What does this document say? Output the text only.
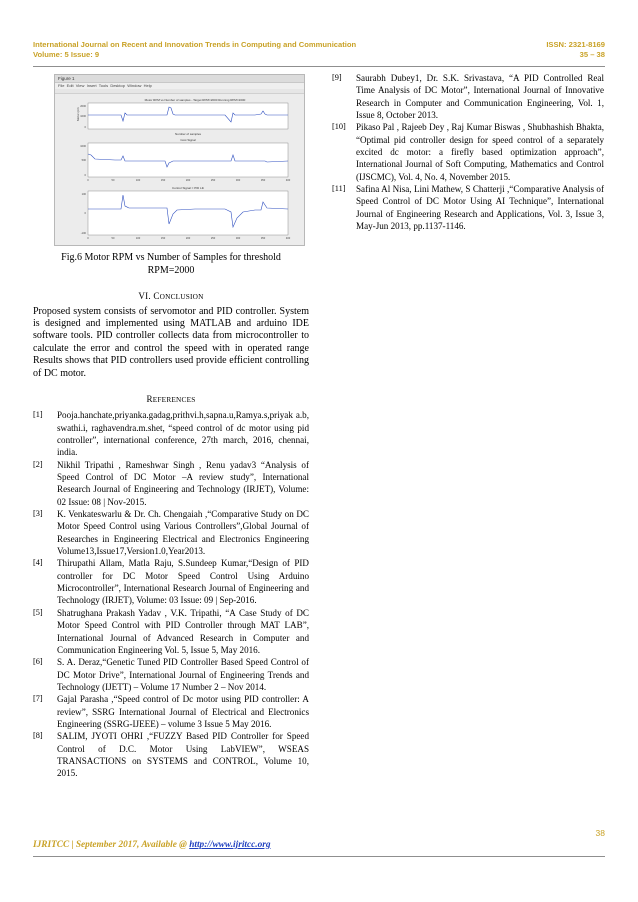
International Journal on Recent and Innovation Trends in Computing and Communication	ISSN: 2321-8169
Volume: 5 Issue: 9	35 – 38
Figure 1
File  Edit  View  Insert  Tools  Desktop  Window  Help
Motor RPM vs Number of samples - Target RPM=2000 Running RPM=2000
Motor rpm
2000
1000
0
Number of samples
Cost Signal
1000
500
0
0	50	100	150	200	250	300	350	400
Control Signal = PID Lib
100
0
-100
0	50	100	150	200	250	300	350	400
Fig.6 Motor RPM vs Number of Samples for threshold
RPM=2000
VI. CONCLUSION
Proposed system consists of servomotor and PID controller. System is designed and implemented using MATLAB and arduino IDE software tools. PID controller collects data from microcontroller to calculate the error and control the speed with in operated range Results shows that PID controllers used provide efficient controlling of DC motor.
REFERENCES
[1] Pooja.hanchate,priyanka.gadag,prithvi.h,sapna.u,Ramya.s,priyak a.b, swathi.i, raghavendra.m.shet, “speed control of dc motor using pid controller”, international conference, 27th march, 2016, chennai, india.
[2] Nikhil Tripathi , Rameshwar Singh , Renu yadav3 “Analysis of Speed Control of DC Motor –A review study”, International Research Journal of Engineering and Technology (IRJET), Volume: 02 Issue: 08 | Nov-2015.
[3] K. Venkateswarlu & Dr. Ch. Chengaiah ,“Comparative Study on DC Motor Speed Control using Various Controllers”,Global Journal of Researches in Engineering Electrical and Electronics Engineering Volume13,Issue17,Version1.0,Year2013.
[4] Thirupathi Allam, Matla Raju, S.Sundeep Kumar,“Design of PID controller for DC Motor Speed Control Using Arduino Microcontroller”, International Research Journal of Engineering and Technology (IRJET), Volume: 03 Issue: 09 | Sep-2016.
[5] Shatrughana Prakash Yadav , V.K. Tripathi, “A Case Study of DC Motor Speed Control with PID Controller through MAT LAB”, International Journal of Advanced Research in Computer and Communication Engineering Vol. 5, Issue 5, May 2016.
[6] S. A. Deraz,“Genetic Tuned PID Controller Based Speed Control of DC Motor Drive”, International Journal of Engineering Trends and Technology (IJETT) – Volume 17 Number 2 – Nov 2014.
[7] Gajal Parasha ,“Speed control of Dc motor using PID controller: A review”, SSRG International Journal of Electrical and Electronics Engineering (SSRG-IJEEE) – volume 3 Issue 5 May 2016.
[8] SALIM, JYOTI OHRI ,“FUZZY Based PID Controller for Speed Control of D.C. Motor Using LabVIEW”, WSEAS TRANSACTIONS on SYSTEMS and CONTROL, Volume 10, 2015.
[9] Saurabh Dubey1, Dr. S.K. Srivastava, “A PID Controlled Real Time Analysis of DC Motor”, International Journal of Innovative Research in Computer and Communication Engineering, Vol. 1, Issue 8, October 2013.
[10] Pikaso Pal , Rajeeb Dey , Raj Kumar Biswas , Shubhashish Bhakta, “Optimal pid controller design for speed control of a separately excited dc motor: a firefly based optimization approach”, International Journal of Soft Computing, Mathematics and Control (IJSCMC), Vol. 4, No. 4, November 2015.
[11] Safina Al Nisa, Lini Mathew, S Chatterji ,“Comparative Analysis of Speed Control of DC Motor Using AI Technique”, International Journal of Engineering Research and Applications, Vol. 3, Issue 3, May-Jun 2013, pp.1137-1146.
38
IJRITCC | September 2017, Available @ http://www.ijritcc.org
